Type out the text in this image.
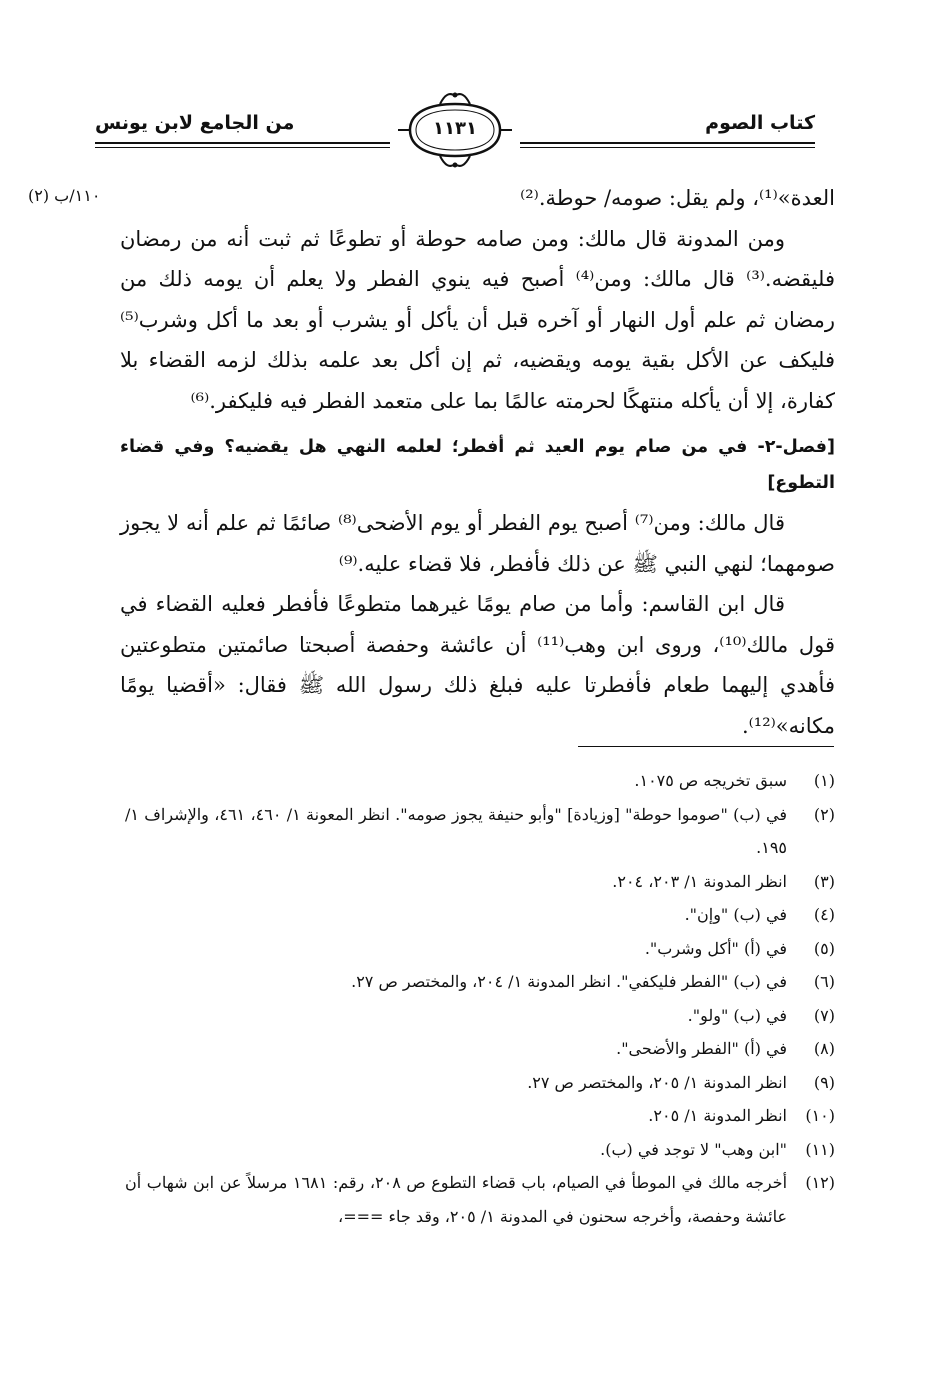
كتاب الصوم
من الجامع لابن يونس	١١٣١
١١٠/ب (٢)	العدة»⁽¹⁾، ولم يقل: صومه/ حوطة.⁽²⁾

ومن المدونة قال مالك: ومن صامه حوطة أو تطوعًا ثم ثبت أنه من رمضان فليقضه.⁽³⁾ قال مالك: ومن⁽⁴⁾ أصبح فيه ينوي الفطر ولا يعلم أن يومه ذلك من رمضان ثم علم أول النهار أو آخره قبل أن يأكل أو يشرب أو بعد ما أكل وشرب⁽⁵⁾ فليكف عن الأكل بقية يومه ويقضيه، ثم إن أكل بعد علمه بذلك لزمه القضاء بلا كفارة، إلا أن يأكله منتهكًا لحرمته عالمًا بما على متعمد الفطر فيه فليكفر.⁽⁶⁾

[فصل-٢- في من صام يوم العيد ثم أفطر؛ لعلمه النهي هل يقضيه؟ وفي قضاء التطوع]

قال مالك: ومن⁽⁷⁾ أصبح يوم الفطر أو يوم الأضحى⁽⁸⁾ صائمًا ثم علم أنه لا يجوز صومهما؛ لنهي النبي ﷺ عن ذلك فأفطر، فلا قضاء عليه.⁽⁹⁾

قال ابن القاسم: وأما من صام يومًا غيرهما متطوعًا فأفطر فعليه القضاء في قول مالك⁽¹⁰⁾، وروى ابن وهب⁽¹¹⁾ أن عائشة وحفصة أصبحتا صائمتين متطوعتين فأهدي إليهما طعام فأفطرتا عليه فبلغ ذلك رسول الله ﷺ فقال: «أقضيا يومًا مكانه»⁽¹²⁾.

(١)
سبق تخريجه ص ١٠٧٥.
(٢)
في (ب) "صوموا حوطة" [وزيادة] "وأبو حنيفة يجوز صومه". انظر المعونة ١/ ٤٦٠، ٤٦١، والإشراف ١/ ١٩٥.
(٣)
انظر المدونة ١/ ٢٠٣، ٢٠٤.
(٤)
في (ب) "وإن".
(٥)
في (أ) "أكل وشرب".
(٦)
في (ب) "الفطر فليكفي". انظر المدونة ١/ ٢٠٤، والمختصر ص ٢٧.
(٧)
في (ب) "ولو".
(٨)
في (أ) "الفطر والأضحى".
(٩)
انظر المدونة ١/ ٢٠٥، والمختصر ص ٢٧.
(١٠)
انظر المدونة ١/ ٢٠٥.
(١١)
"ابن وهب" لا توجد في (ب).
(١٢)
أخرجه مالك في الموطأ في الصيام، باب قضاء التطوع ص ٢٠٨، رقم: ١٦٨١ مرسلاً عن ابن شهاب أن عائشة وحفصة، وأخرجه سحنون في المدونة ١/ ٢٠٥، وقد جاء ===،
